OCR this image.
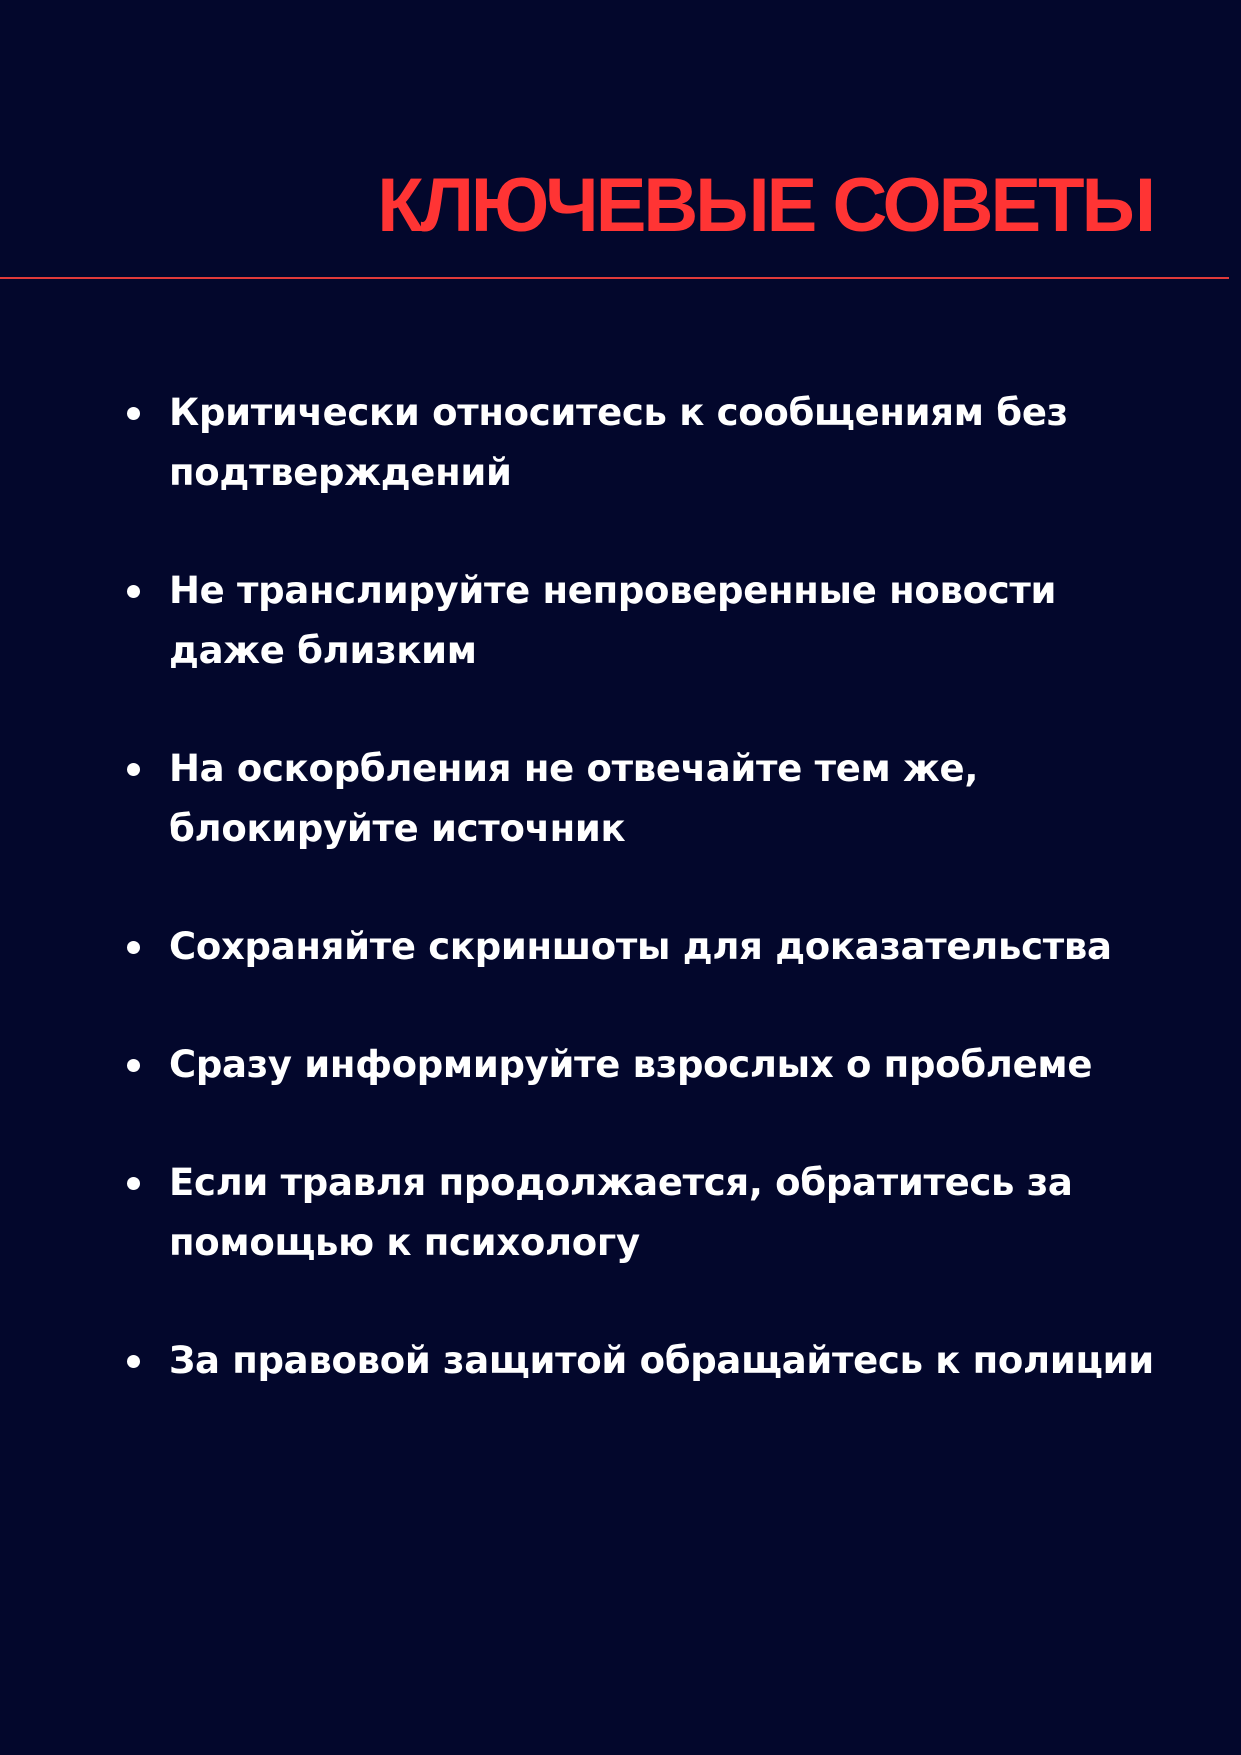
КЛЮЧЕВЫЕ СОВЕТЫ
Критически относитесь к сообщениям без подтверждений
Не транслируйте непроверенные новости даже близким
На оскорбления не отвечайте тем же, блокируйте источник
Сохраняйте скриншоты для доказательства
Сразу информируйте взрослых о проблеме
Если травля продолжается, обратитесь за помощью к психологу
За правовой защитой обращайтесь к полиции
